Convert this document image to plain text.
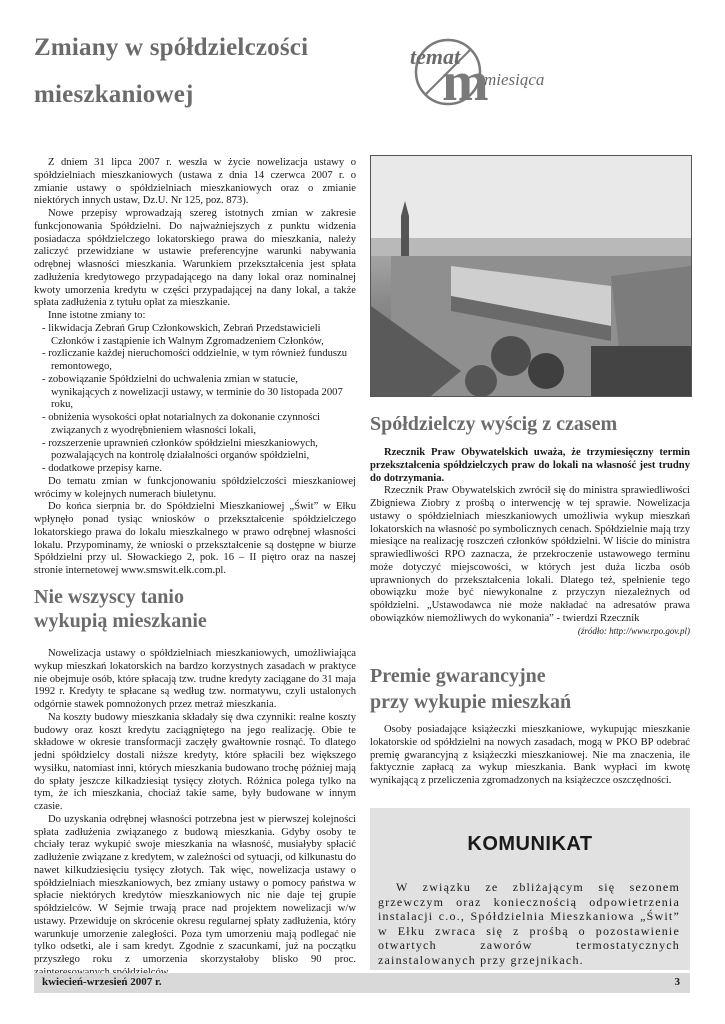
Zmiany w spółdzielczości
mieszkaniowej	m
temat
miesiąca

Z dniem 31 lipca 2007 r. weszła w życie nowelizacja ustawy o spółdzielniach mieszkaniowych (ustawa z dnia 14 czerwca 2007 r. o zmianie ustawy o spółdzielniach mieszkaniowych oraz o zmianie niektórych innych ustaw, Dz.U. Nr 125, poz. 873).

Nowe przepisy wprowadzają szereg istotnych zmian w zakresie funkcjonowania Spółdzielni. Do najważniejszych z punktu widzenia posiadacza spółdzielczego lokatorskiego prawa do mieszkania, należy zaliczyć przewidziane w ustawie preferencyjne warunki nabywania odrębnej własności mieszkania. Warunkiem przekształcenia jest spłata zadłużenia kredytowego przypadającego na dany lokal oraz nominalnej kwoty umorzenia kredytu w części przypadającej na dany lokal, a także spłata zadłużenia z tytułu opłat za mieszkanie.

Inne istotne zmiany to:

- likwidacja Zebrań Grup Członkowskich, Zebrań Przedstawicieli Członków i zastąpienie ich Walnym Zgromadzeniem Członków,
- rozliczanie każdej nieruchomości oddzielnie, w tym również funduszu remontowego,
- zobowiązanie Spółdzielni do uchwalenia zmian w statucie, wynikających z nowelizacji ustawy, w terminie do 30 listopada 2007 roku,
- obniżenia wysokości opłat notarialnych za dokonanie czynności związanych z wyodrębnieniem własności lokali,
- rozszerzenie uprawnień członków spółdzielni mieszkaniowych, pozwalających na kontrolę działalności organów spółdzielni,
- dodatkowe przepisy karne.

Do tematu zmian w funkcjonowaniu spółdzielczości mieszkaniowej wrócimy w kolejnych numerach biuletynu.

Do końca sierpnia br. do Spółdzielni Mieszkaniowej „Świt” w Ełku wpłynęło ponad tysiąc wniosków o przekształcenie spółdzielczego lokatorskiego prawa do lokalu mieszkalnego w prawo odrębnej własności lokalu. Przypominamy, że wnioski o przekształcenie są dostępne w biurze Spółdzielni przy ul. Słowackiego 2, pok. 16 – II piętro oraz na naszej stronie internetowej www.smswit.elk.com.pl.

Nie wszyscy tanio
wykupią mieszkanie

Nowelizacja ustawy o spółdzielniach mieszkaniowych, umożliwiająca wykup mieszkań lokatorskich na bardzo korzystnych zasadach w praktyce nie obejmuje osób, które spłacają tzw. trudne kredyty zaciągane do 31 maja 1992 r. Kredyty te spłacane są według tzw. normatywu, czyli ustalonych odgórnie stawek pomnożonych przez metraż mieszkania.

Na koszty budowy mieszkania składały się dwa czynniki: realne koszty budowy oraz koszt kredytu zaciągniętego na jego realizację. Obie te składowe w okresie transformacji zaczęły gwałtownie rosnąć. To dlatego jedni spółdzielcy dostali niższe kredyty, które spłacili bez większego wysiłku, natomiast inni, których mieszkania budowano trochę później mają do spłaty jeszcze kilkadziesiąt tysięcy złotych. Różnica polega tylko na tym, że ich mieszkania, chociaż takie same, były budowane w innym czasie.

Do uzyskania odrębnej własności potrzebna jest w pierwszej kolejności spłata zadłużenia związanego z budową mieszkania. Gdyby osoby te chciały teraz wykupić swoje mieszkania na własność, musiałyby spłacić zadłużenie związane z kredytem, w zależności od sytuacji, od kilkunastu do nawet kilkudziesięciu tysięcy złotych. Tak więc, nowelizacja ustawy o spółdzielniach mieszkaniowych, bez zmiany ustawy o pomocy państwa w spłacie niektórych kredytów mieszkaniowych nic nie daje tej grupie spółdzielców. W Sejmie trwają prace nad projektem nowelizacji w/w ustawy. Przewiduje on skrócenie okresu regularnej spłaty zadłużenia, który warunkuje umorzenie zaległości. Poza tym umorzeniu mają podlegać nie tylko odsetki, ale i sam kredyt. Zgodnie z szacunkami, już na początku przyszłego roku z umorzenia skorzystałoby blisko 90 proc.

Spółdzielczy wyścig z czasem

Rzecznik Praw Obywatelskich uważa, że trzymiesięczny termin przekształcenia spółdzielczych praw do lokali na własność jest trudny do dotrzymania.

Rzecznik Praw Obywatelskich zwrócił się do ministra sprawiedliwości Zbigniewa Ziobry z prośbą o interwencję w tej sprawie. Nowelizacja ustawy o spółdzielniach mieszkaniowych umożliwia wykup mieszkań lokatorskich na własność po symbolicznych cenach. Spółdzielnie mają trzy miesiące na realizację roszczeń członków spółdzielni. W liście do ministra sprawiedliwości RPO zaznacza, że przekroczenie ustawowego terminu może dotyczyć miejscowości, w których jest duża liczba osób uprawnionych do przekształcenia lokali. Dlatego też, spełnienie tego obowiązku może być niewykonalne z przyczyn niezależnych od spółdzielni. „Ustawodawca nie może nakładać na adresatów prawa obowiązków niemożliwych do wykonania” - twierdzi Rzecznik

(źródło: http://www.rpo.gov.pl)
Premie gwarancyjne
przy wykupie mieszkań

Osoby posiadające książeczki mieszkaniowe, wykupując mieszkanie lokatorskie od spółdzielni na nowych zasadach, mogą w PKO BP odebrać premię gwarancyjną z książeczki mieszkaniowej. Nie ma znaczenia, ile faktycznie zapłacą za wykup mieszkania. Bank wypłaci im kwotę wynikającą z przeliczenia zgromadzonych na książeczce oszczędności.

KOMUNIKAT

W związku ze zbliżającym się sezonem grzewczym oraz koniecznością odpowietrzenia instalacji c.o., Spółdzielnia Mieszkaniowa „Świt” w Ełku zwraca się z prośbą o pozostawienie otwartych zaworów termostatycznych zainstalowanych przy grzejnikach.

kwiecień-wrzesień 2007 r.	3
